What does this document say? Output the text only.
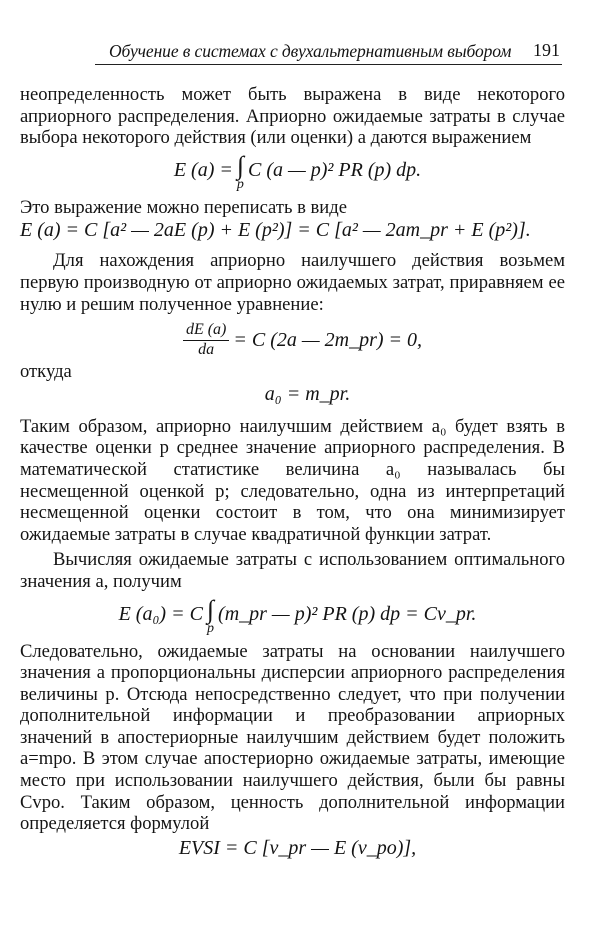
Обучение в системах с двухальтернативным выбором 191

неопределенность может быть выражена в виде некоторого априорного распределения. Априорно ожидаемые затраты в случае выбора некоторого действия (или оценки) a даются выражением

E (a) = ∫
p
C (a — p)² PR (p) dp.

Это выражение можно переписать в виде

E (a) = C [a² — 2aE (p) + E (p²)] = C [a² — 2am_pr + E (p²)].

Для нахождения априорно наилучшего действия возьмем первую производную от априорно ожидаемых затрат, приравняем ее нулю и решим полученное уравнение:

$\frac{dE (a)}{da} = C$ (2a — 2m_pr) = 0,

откуда

a₀ = m_pr.

Таким образом, априорно наилучшим действием a₀ будет взять в качестве оценки p среднее значение априорного распределения. В математической статистике величина a₀ называлась бы несмещенной оценкой p; следовательно, одна из интерпретаций несмещенной оценки состоит в том, что она минимизирует ожидаемые затраты в случае квадратичной функции затрат.

Вычисляя ожидаемые затраты с использованием оптимального значения a, получим

E (a₀) = C ∫
p
(m_pr — p)² PR (p) dp = Cv_pr.

Следовательно, ожидаемые затраты на основании наилучшего значения a пропорциональны дисперсии априорного распределения величины p. Отсюда непосредственно следует, что при получении дополнительной информации и преобразовании априорных значений в апостериорные наилучшим действием будет положить a=mpo. В этом случае апостериорно ожидаемые затраты, имеющие место при использовании наилучшего действия, были бы равны Cvpo. Таким образом, ценность дополнительной информации определяется формулой

EVSI = C [v_pr — E (v_po)],
